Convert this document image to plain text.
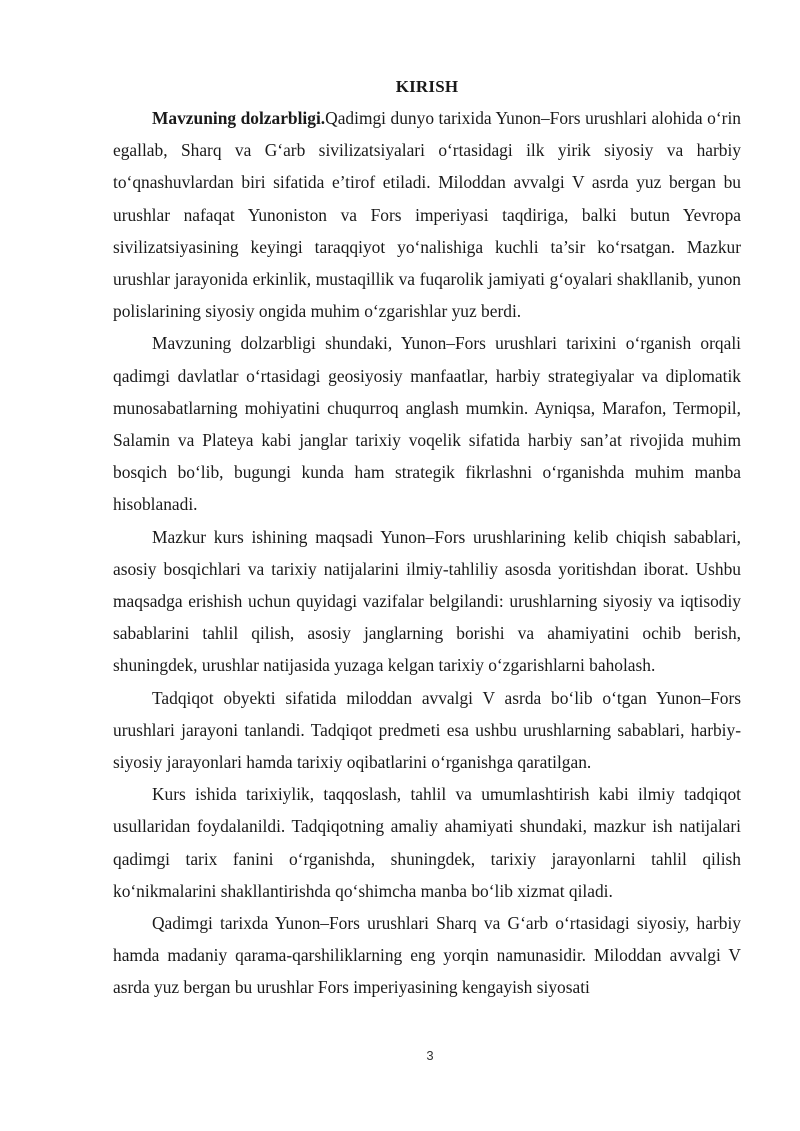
KIRISH

Mavzuning dolzarbligi.Qadimgi dunyo tarixida Yunon–Fors urushlari alohida oʻrin egallab, Sharq va Gʻarb sivilizatsiyalari oʻrtasidagi ilk yirik siyosiy va harbiy toʻqnashuvlardan biri sifatida e’tirof etiladi. Miloddan avvalgi V asrda yuz bergan bu urushlar nafaqat Yunoniston va Fors imperiyasi taqdiriga, balki butun Yevropa sivilizatsiyasining keyingi taraqqiyot yoʻnalishiga kuchli ta’sir koʻrsatgan. Mazkur urushlar jarayonida erkinlik, mustaqillik va fuqarolik jamiyati gʻoyalari shakllanib, yunon polislarining siyosiy ongida muhim oʻzgarishlar yuz berdi.

Mavzuning dolzarbligi shundaki, Yunon–Fors urushlari tarixini oʻrganish orqali qadimgi davlatlar oʻrtasidagi geosiyosiy manfaatlar, harbiy strategiyalar va diplomatik munosabatlarning mohiyatini chuqurroq anglash mumkin. Ayniqsa, Marafon, Termopil, Salamin va Plateya kabi janglar tarixiy voqelik sifatida harbiy san’at rivojida muhim bosqich boʻlib, bugungi kunda ham strategik fikrlashni oʻrganishda muhim manba hisoblanadi.

Mazkur kurs ishining maqsadi Yunon–Fors urushlarining kelib chiqish sabablari, asosiy bosqichlari va tarixiy natijalarini ilmiy-tahliliy asosda yoritishdan iborat. Ushbu maqsadga erishish uchun quyidagi vazifalar belgilandi: urushlarning siyosiy va iqtisodiy sabablarini tahlil qilish, asosiy janglarning borishi va ahamiyatini ochib berish, shuningdek, urushlar natijasida yuzaga kelgan tarixiy oʻzgarishlarni baholash.

Tadqiqot obyekti sifatida miloddan avvalgi V asrda boʻlib oʻtgan Yunon–Fors urushlari jarayoni tanlandi. Tadqiqot predmeti esa ushbu urushlarning sabablari, harbiy-siyosiy jarayonlari hamda tarixiy oqibatlarini oʻrganishga qaratilgan.

Kurs ishida tarixiylik, taqqoslash, tahlil va umumlashtirish kabi ilmiy tadqiqot usullaridan foydalanildi. Tadqiqotning amaliy ahamiyati shundaki, mazkur ish natijalari qadimgi tarix fanini oʻrganishda, shuningdek, tarixiy jarayonlarni tahlil qilish koʻnikmalarini shakllantirishda qoʻshimcha manba boʻlib xizmat qiladi.

Qadimgi tarixda Yunon–Fors urushlari Sharq va Gʻarb oʻrtasidagi siyosiy, harbiy hamda madaniy qarama-qarshiliklarning eng yorqin namunasidir. Miloddan avvalgi V asrda yuz bergan bu urushlar Fors imperiyasining kengayish siyosati

3
